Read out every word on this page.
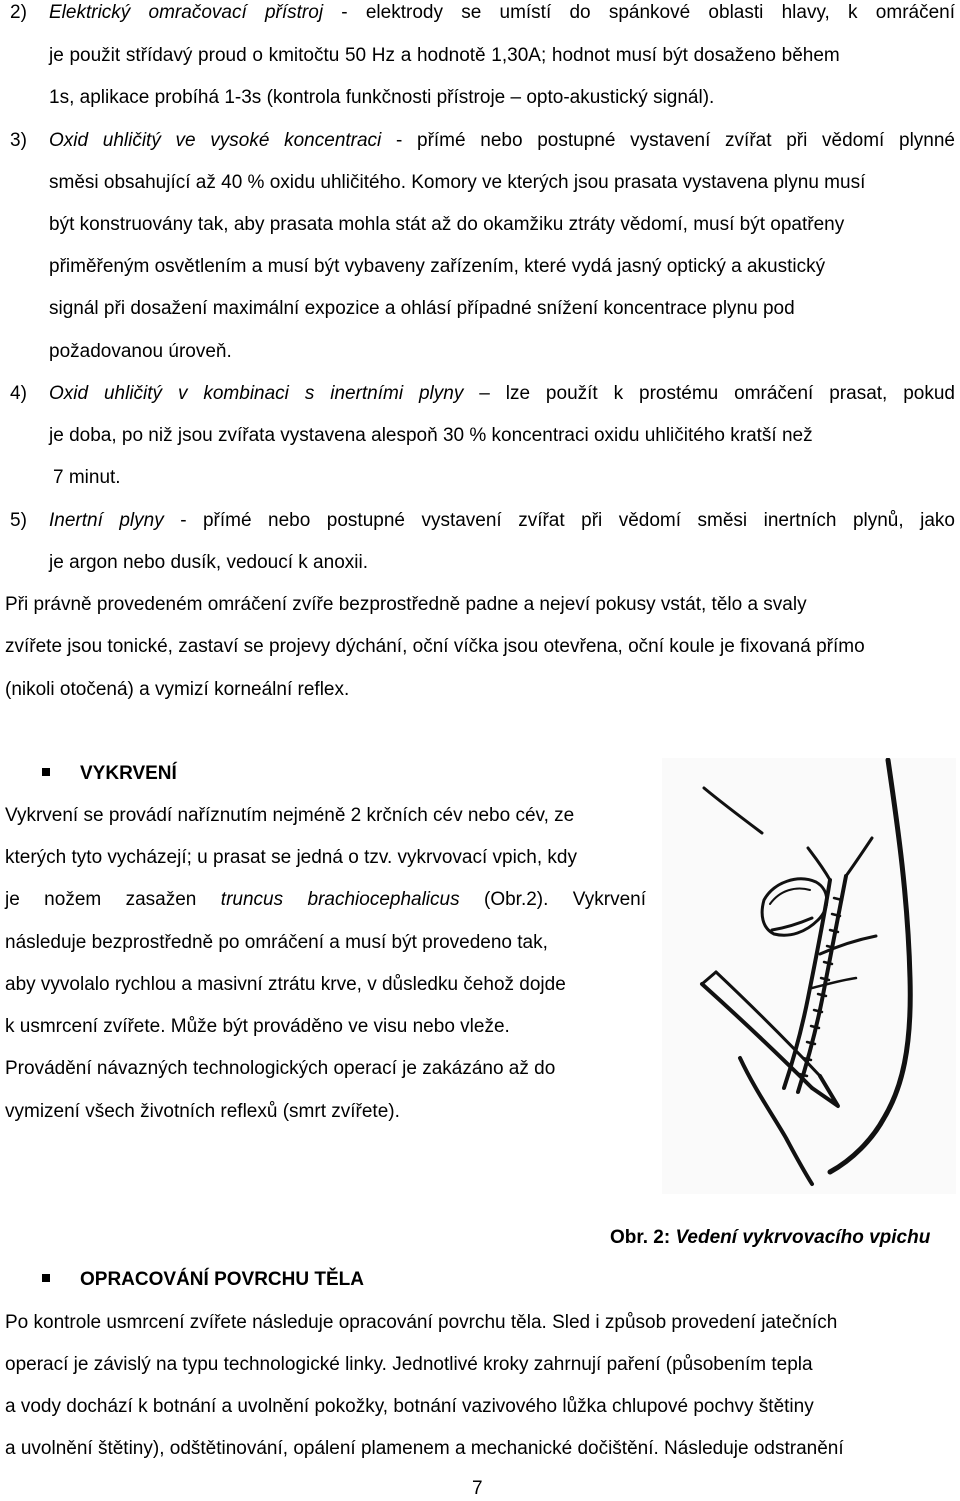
2) Elektrický omračovací přístroj - elektrody se umístí do spánkové oblasti hlavy, k omráčení
je použit střídavý proud o kmitočtu 50 Hz a hodnotě 1,30A; hodnot musí být dosaženo během
1s, aplikace probíhá 1-3s (kontrola funkčnosti přístroje – opto-akustický signál).
3) Oxid uhličitý ve vysoké koncentraci - přímé nebo postupné vystavení zvířat při vědomí plynné
směsi obsahující až 40 % oxidu uhličitého. Komory ve kterých jsou prasata vystavena plynu musí
být konstruovány tak, aby prasata mohla stát až do okamžiku ztráty vědomí, musí být opatřeny
přiměřeným osvětlením a musí být vybaveny zařízením, které vydá jasný optický a akustický
signál při dosažení maximální expozice a ohlásí případné snížení koncentrace plynu pod
požadovanou úroveň.
4) Oxid uhličitý v kombinaci s inertními plyny – lze použít k prostému omráčení prasat, pokud
je doba, po niž jsou zvířata vystavena alespoň 30 % koncentraci oxidu uhličitého kratší než
7 minut.
5) Inertní plyny - přímé nebo postupné vystavení zvířat při vědomí směsi inertních plynů, jako
je argon nebo dusík, vedoucí k anoxii.
Při právně provedeném omráčení zvíře bezprostředně padne a nejeví pokusy vstát, tělo a svaly
zvířete jsou tonické, zastaví se projevy dýchání, oční víčka jsou otevřena, oční koule je fixovaná přímo
(nikoli otočená) a vymizí korneální reflex.
VYKRVENÍ
Vykrvení se provádí naříznutím nejméně 2 krčních cév nebo cév, ze
kterých tyto vycházejí; u prasat se jedná o tzv. vykrvovací vpich, kdy
je nožem zasažen truncus brachiocephalicus (Obr.2). Vykrvení
následuje bezprostředně po omráčení a musí být provedeno tak,
aby vyvolalo rychlou a masivní ztrátu krve, v důsledku čehož dojde
k usmrcení zvířete. Může být prováděno ve visu nebo vleže.
Provádění návazných technologických operací je zakázáno až do
vymizení všech životních reflexů (smrt zvířete).
Obr. 2: Vedení vykrvovacího vpichu
OPRACOVÁNÍ POVRCHU TĚLA
Po kontrole usmrcení zvířete následuje opracování povrchu těla. Sled i způsob provedení jatečních
operací je závislý na typu technologické linky. Jednotlivé kroky zahrnují paření (působením tepla
a vody dochází k botnání a uvolnění pokožky, botnání vazivového lůžka chlupové pochvy štětiny
a uvolnění štětiny), odštětinování, opálení plamenem a mechanické dočištění. Následuje odstranění
7
